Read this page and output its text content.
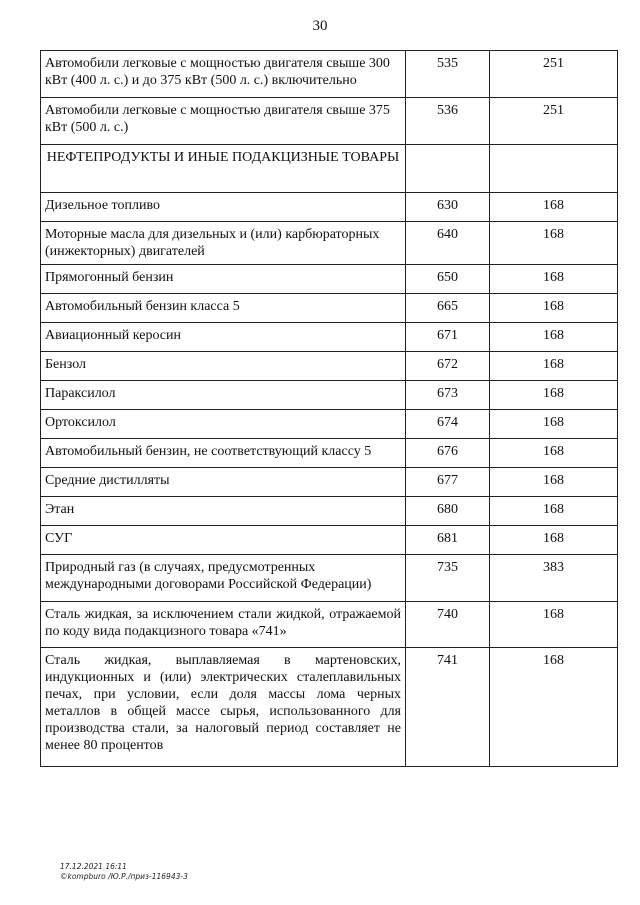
30
Автомобили легковые с мощностью двигателя свыше 300 кВт (400 л. с.) и до 375 кВт (500 л. с.) включительно	535	251
Автомобили легковые с мощностью двигателя свыше 375 кВт (500 л. с.)	536	251
НЕФТЕПРОДУКТЫ И ИНЫЕ ПОДАКЦИЗНЫЕ ТОВАРЫ		
Дизельное топливо	630	168
Моторные масла для дизельных и (или) карбюраторных (инжекторных) двигателей	640	168
Прямогонный бензин	650	168
Автомобильный бензин класса 5	665	168
Авиационный керосин	671	168
Бензол	672	168
Параксилол	673	168
Ортоксилол	674	168
Автомобильный бензин, не соответствующий классу 5	676	168
Средние дистилляты	677	168
Этан	680	168
СУГ	681	168
Природный газ (в случаях, предусмотренных международными договорами Российской Федерации)	735	383
Сталь жидкая, за исключением стали жидкой, отражаемой по коду вида подакцизного товара «741»	740	168
Сталь жидкая, выплавляемая в мартеновских, индукционных и (или) электрических сталеплавильных печах, при условии, если доля массы лома черных металлов в общей массе сырья, использованного для производства стали, за налоговый период составляет не менее 80 процентов	741	168
17.12.2021 16:11
©kompburo /Ю.Р./приз-116943-3
